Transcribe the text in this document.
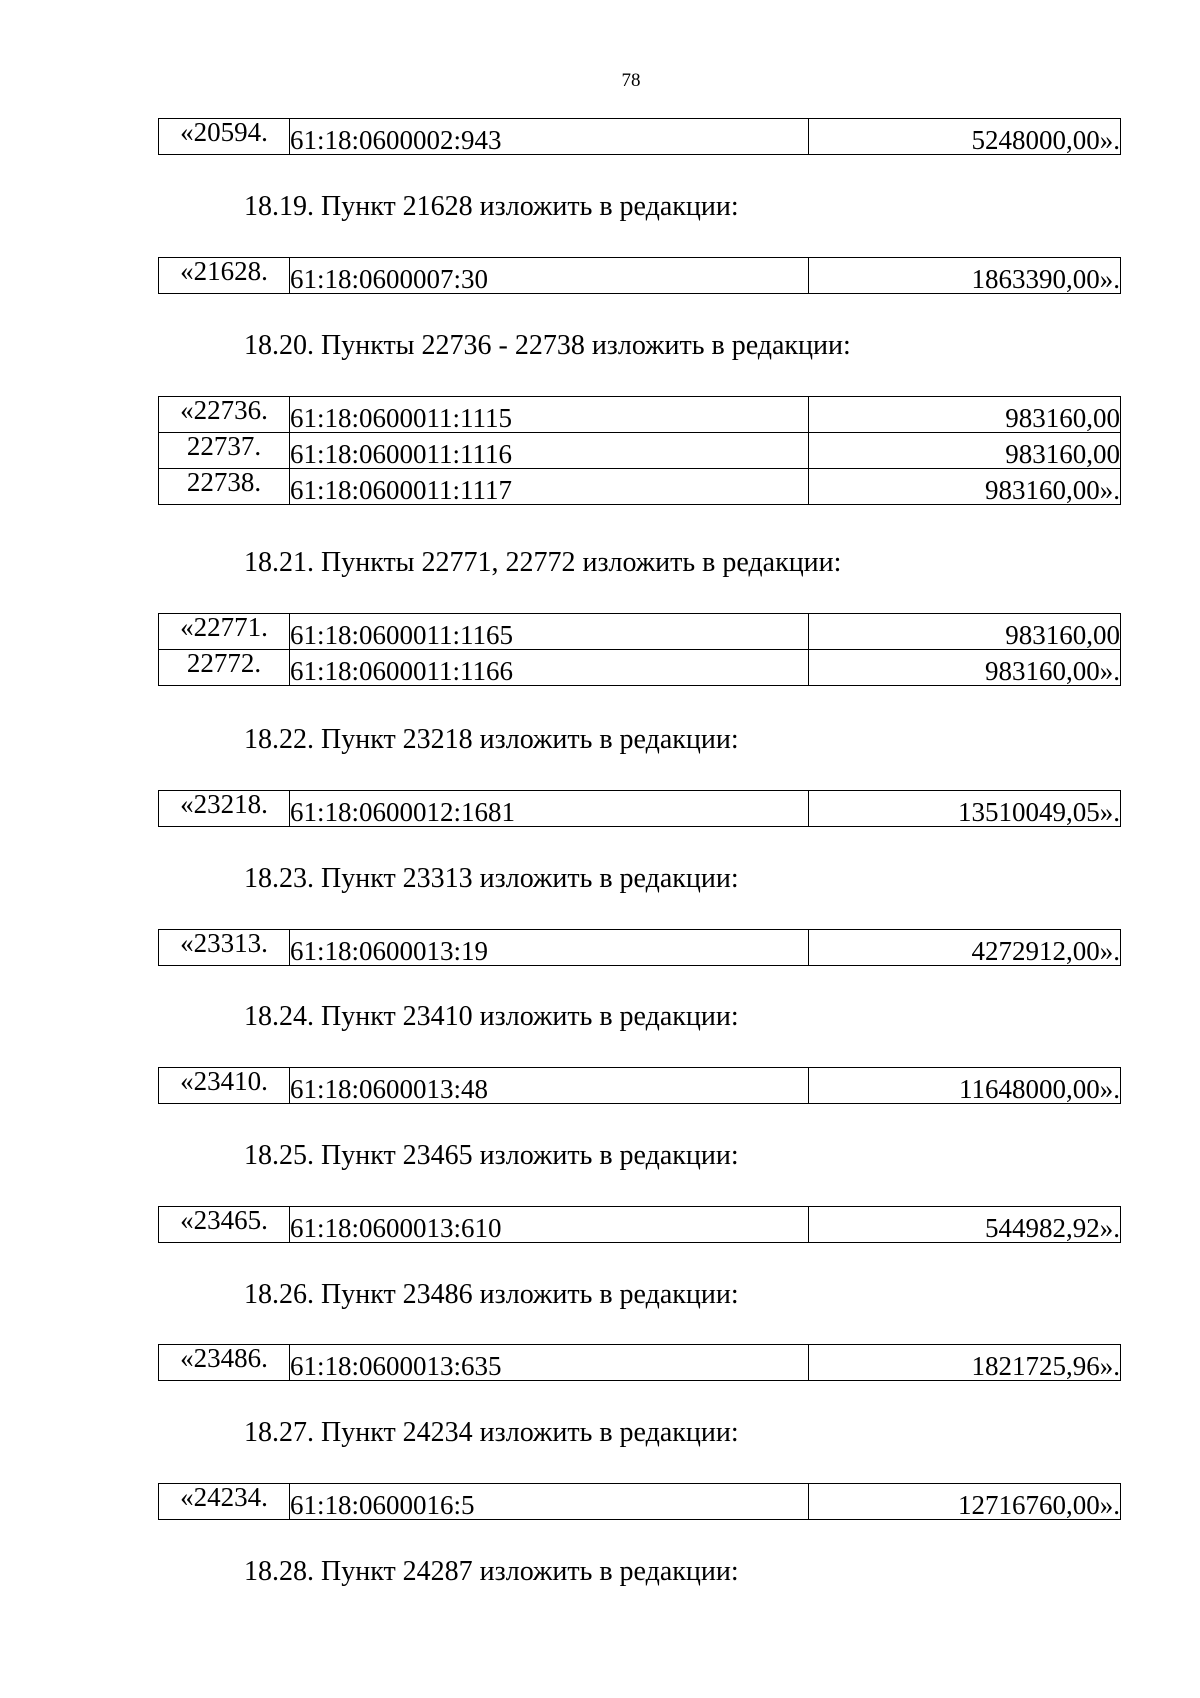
78
«20594.	61:18:0600002:943	5248000,00».
18.19. Пункт 21628 изложить в редакции:
«21628.	61:18:0600007:30	1863390,00».
18.20. Пункты 22736 - 22738 изложить в редакции:
«22736.	61:18:0600011:1115	983160,00
22737.	61:18:0600011:1116	983160,00
22738.	61:18:0600011:1117	983160,00».
18.21. Пункты 22771, 22772 изложить в редакции:
«22771.	61:18:0600011:1165	983160,00
22772.	61:18:0600011:1166	983160,00».
18.22. Пункт 23218 изложить в редакции:
«23218.	61:18:0600012:1681	13510049,05».
18.23. Пункт 23313 изложить в редакции:
«23313.	61:18:0600013:19	4272912,00».
18.24. Пункт 23410 изложить в редакции:
«23410.	61:18:0600013:48	11648000,00».
18.25. Пункт 23465 изложить в редакции:
«23465.	61:18:0600013:610	544982,92».
18.26. Пункт 23486 изложить в редакции:
«23486.	61:18:0600013:635	1821725,96».
18.27. Пункт 24234 изложить в редакции:
«24234.	61:18:0600016:5	12716760,00».
18.28. Пункт 24287 изложить в редакции:
